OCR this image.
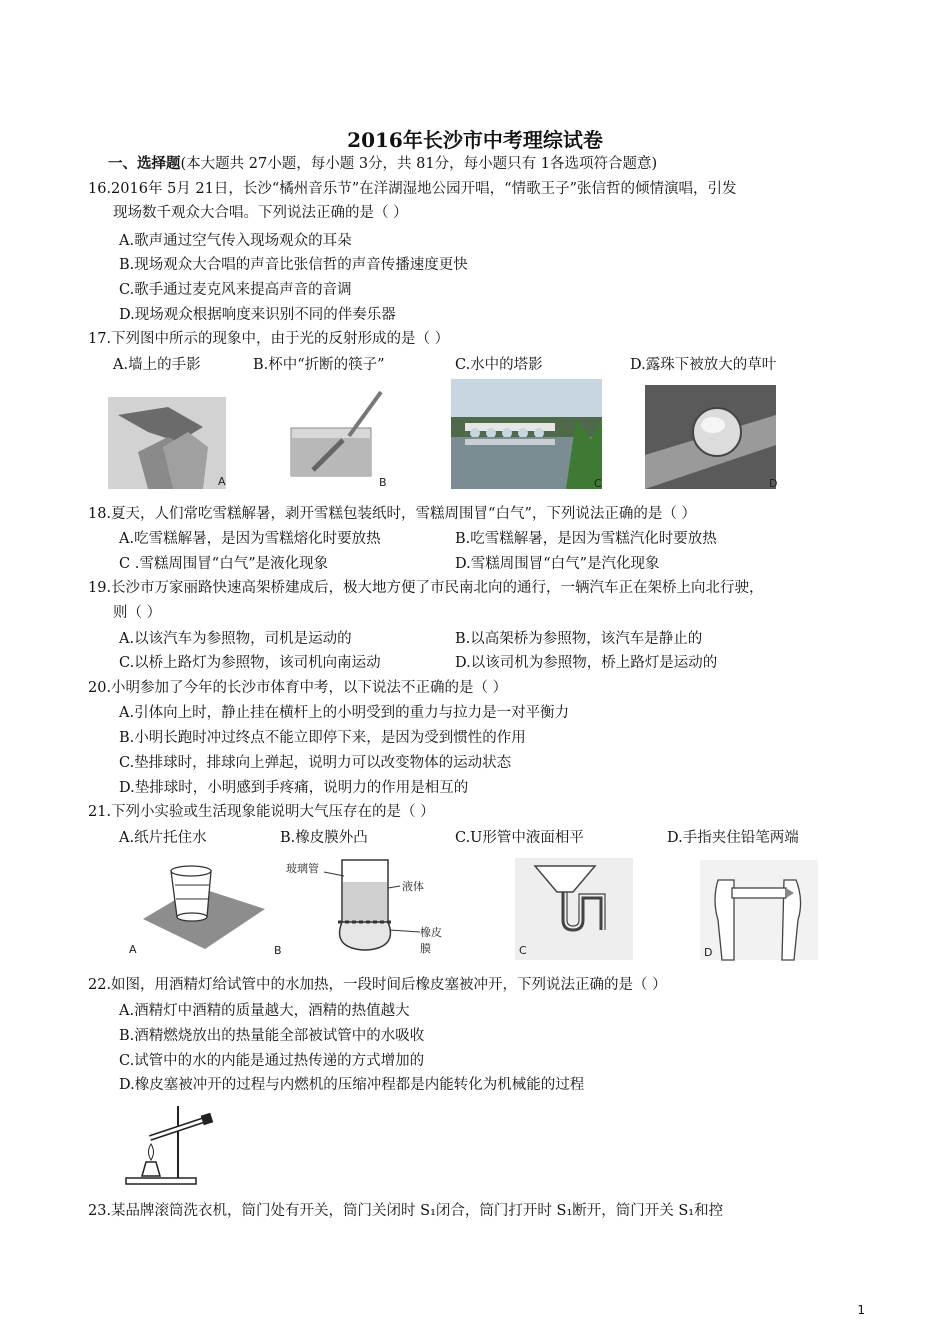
2016年长沙市中考理综试卷
一、选择题(本大题共 27小题，每小题 3分，共 81分，每小题只有 1各选项符合题意)
16.2016年 5月 21日，长沙“橘州音乐节”在洋湖湿地公园开唱，“情歌王子”张信哲的倾情演唱，引发
现场数千观众大合唱。下列说法正确的是（ ）
A.歌声通过空气传入现场观众的耳朵
B.现场观众大合唱的声音比张信哲的声音传播速度更快
C.歌手通过麦克风来提高声音的音调
D.现场观众根据响度来识别不同的伴奏乐器
17.下列图中所示的现象中，由于光的反射形成的是（ ）
A.墙上的手影	B.杯中“折断的筷子”	C.水中的塔影	D.露珠下被放大的草叶
A	B	C	D
18.夏天，人们常吃雪糕解暑，剥开雪糕包装纸时，雪糕周围冒“白气”，下列说法正确的是（ ）
A.吃雪糕解暑，是因为雪糕熔化时要放热	B.吃雪糕解暑，是因为雪糕汽化时要放热
C .雪糕周围冒“白气”是液化现象	D.雪糕周围冒“白气”是汽化现象
19.长沙市万家丽路快速高架桥建成后，极大地方便了市民南北向的通行，一辆汽车正在架桥上向北行驶，
则（ ）
A.以该汽车为参照物，司机是运动的	B.以高架桥为参照物，该汽车是静止的
C.以桥上路灯为参照物，该司机向南运动	D.以该司机为参照物，桥上路灯是运动的
20.小明参加了今年的长沙市体育中考，以下说法不正确的是（ ）
A.引体向上时，静止挂在横杆上的小明受到的重力与拉力是一对平衡力
B.小明长跑时冲过终点不能立即停下来，是因为受到惯性的作用
C.垫排球时，排球向上弹起，说明力可以改变物体的运动状态
D.垫排球时，小明感到手疼痛，说明力的作用是相互的
21.下列小实验或生活现象能说明大气压存在的是（ ）
A.纸片托住水	B.橡皮膜外凸	C.U形管中液面相平	D.手指夹住铅笔两端
A
玻璃管
液体
橡皮膜
B	C	D
22.如图，用酒精灯给试管中的水加热，一段时间后橡皮塞被冲开，下列说法正确的是（ ）
A.酒精灯中酒精的质量越大，酒精的热值越大
B.酒精燃烧放出的热量能全部被试管中的水吸收
C.试管中的水的内能是通过热传递的方式增加的
D.橡皮塞被冲开的过程与内燃机的压缩冲程都是内能转化为机械能的过程
23.某品牌滚筒洗衣机，筒门处有开关，筒门关闭时 S₁闭合，筒门打开时 S₁断开，筒门开关 S₁和控
1
